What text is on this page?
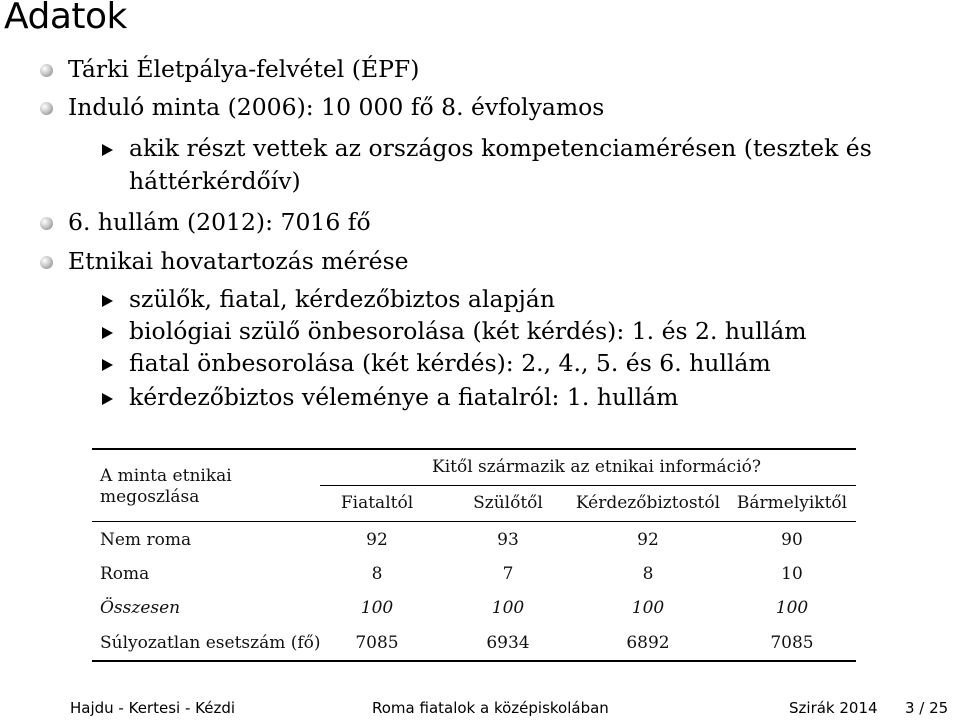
Adatok
Tárki Életpálya-felvétel (ÉPF)
Induló minta (2006): 10 000 fő 8. évfolyamos
akik részt vettek az országos kompetenciamérésen (tesztek és
háttérkérdőív)
6. hullám (2012): 7016 fő
Etnikai hovatartozás mérése
szülők, fiatal, kérdezőbiztos alapján
biológiai szülő önbesorolása (két kérdés): 1. és 2. hullám
fiatal önbesorolása (két kérdés): 2., 4., 5. és 6. hullám
kérdezőbiztos véleménye a fiatalról: 1. hullám
A minta etnikai
megoszlása
Kitől származik az etnikai információ?
Fiataltól	Szülőtől	Kérdezőbiztostól Bármelyiktől
Nem roma	92	93	92	90
Roma	8	7	8	10
Összesen	100	100	100	100
Súlyozatlan esetszám (fő)	7085	6934	6892	7085
Hajdu - Kertesi - Kézdi	Roma fiatalok a középiskolában	Szirák 2014 3 / 25
